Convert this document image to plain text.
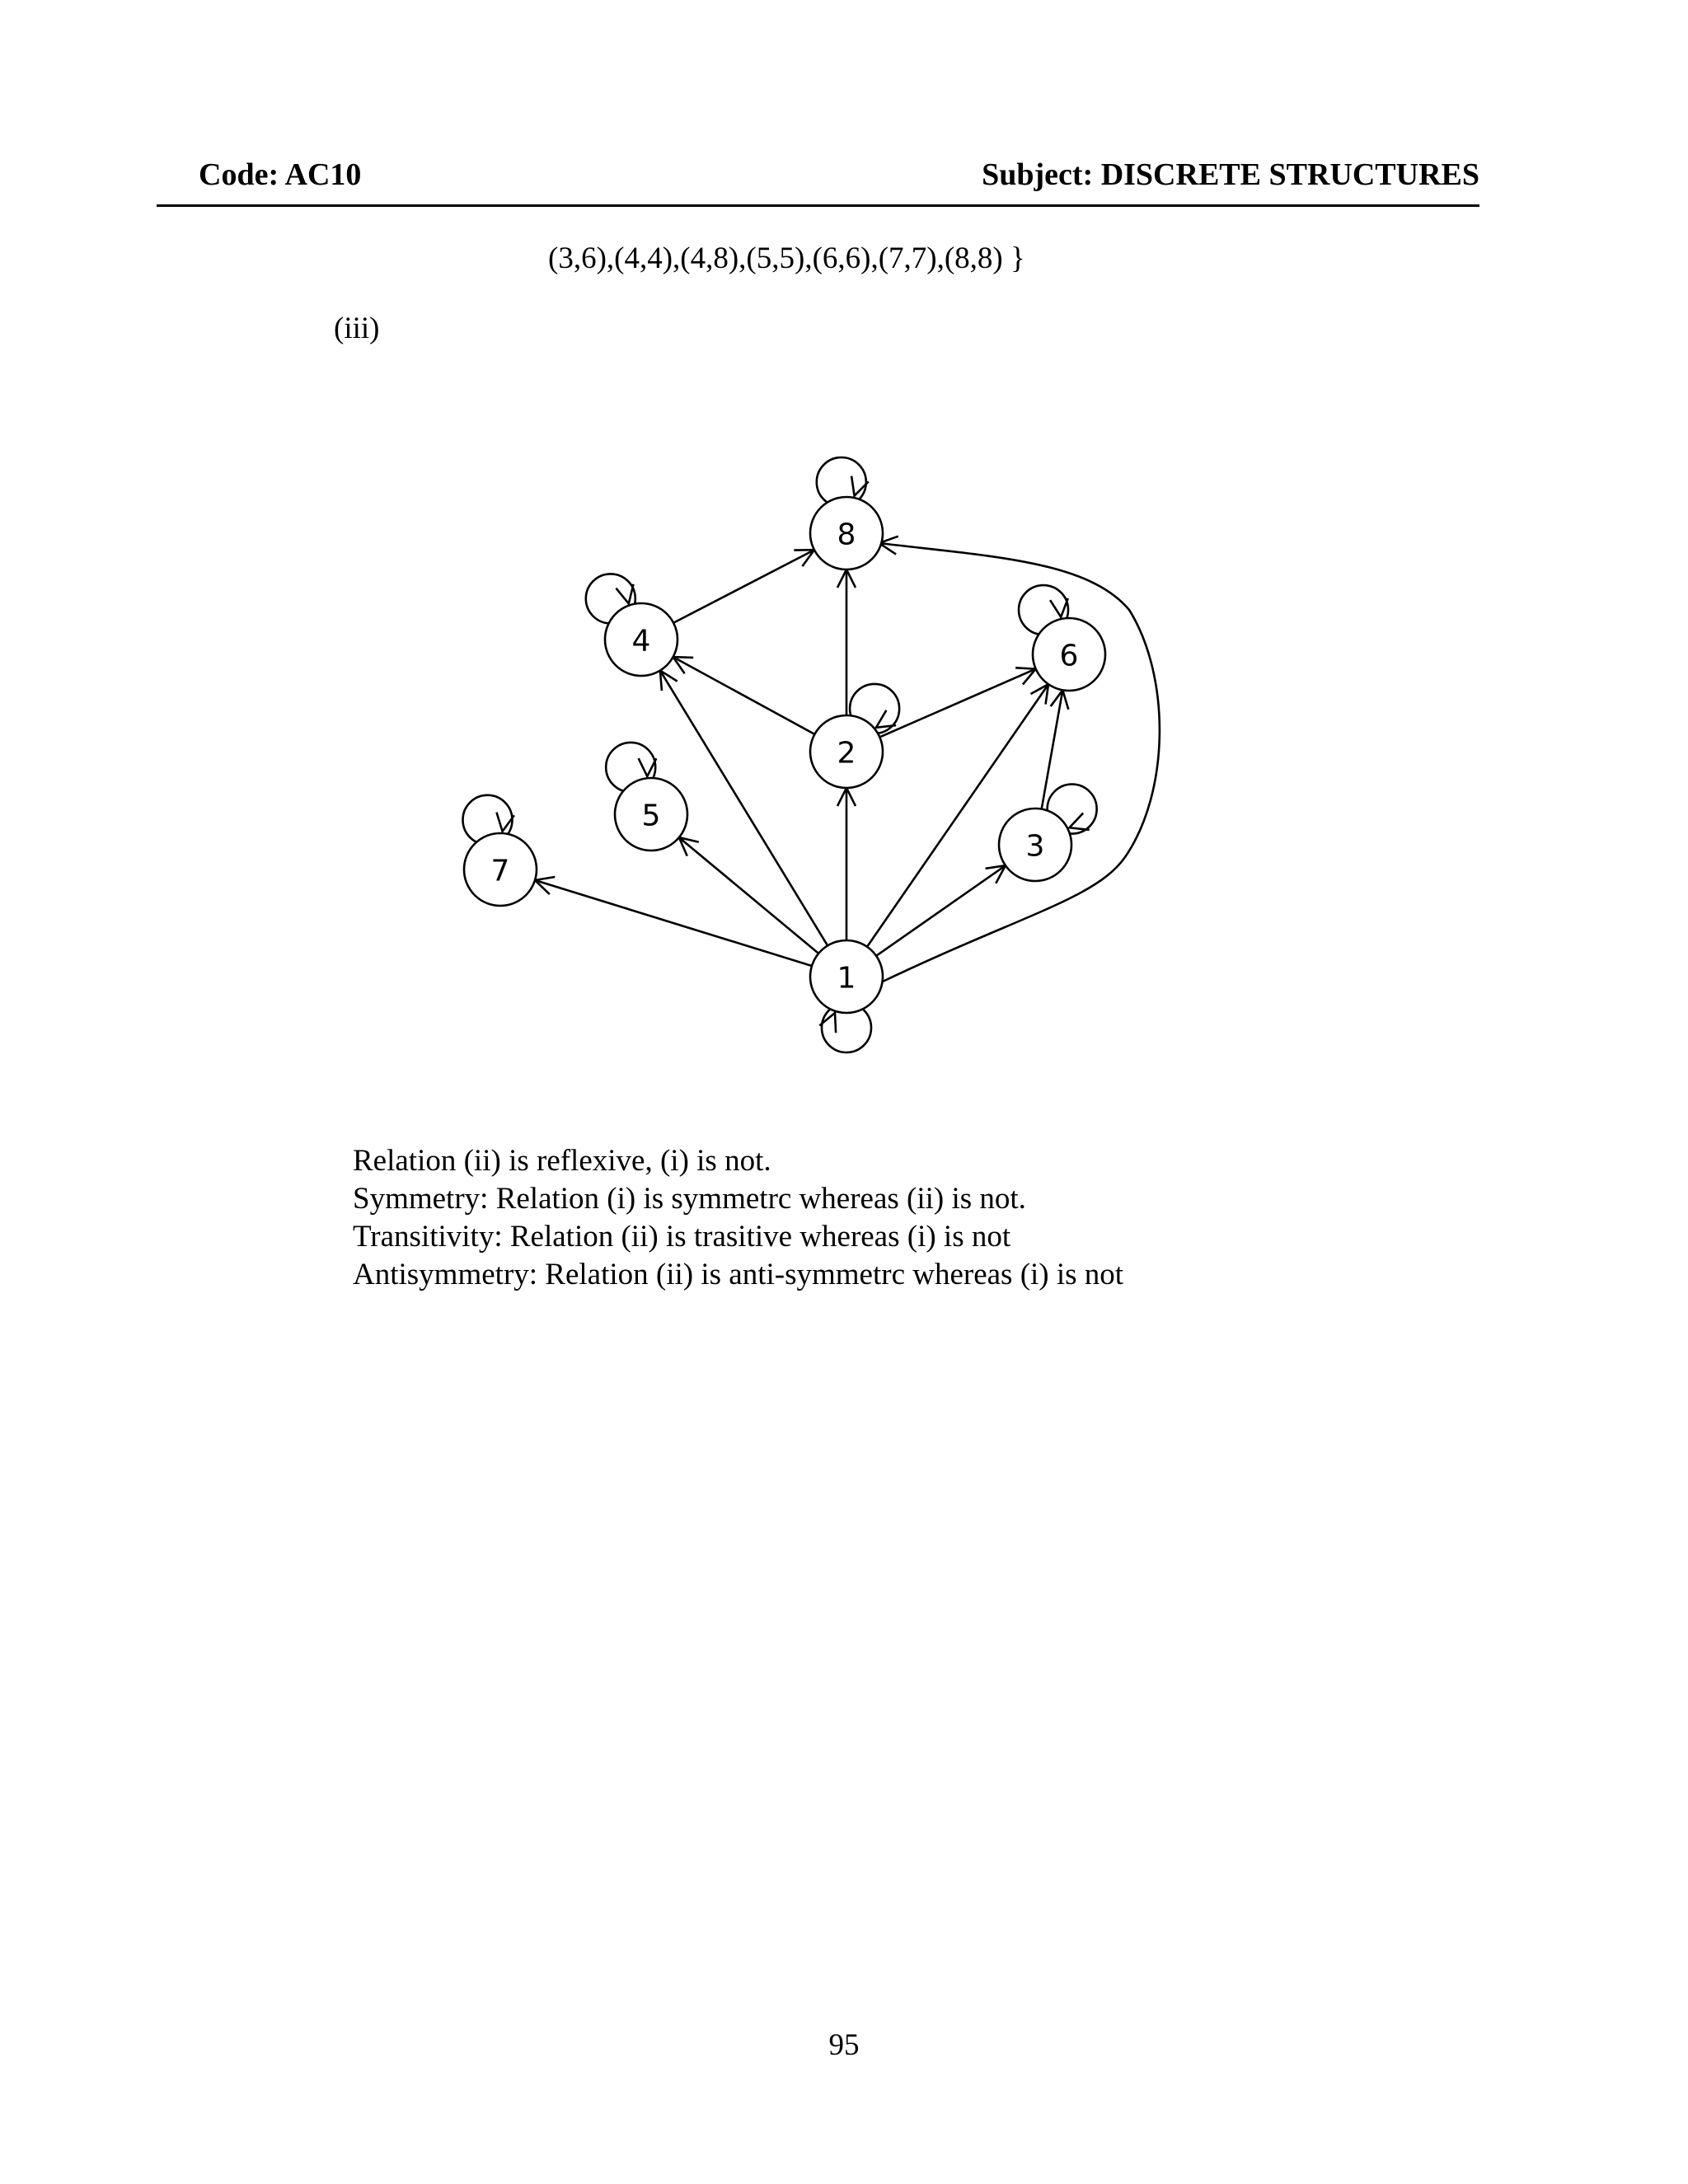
Code: AC10	Subject: DISCRETE STRUCTURES
(3,6),(4,4),(4,8),(5,5),(6,6),(7,7),(8,8) }
(iii)
1
2
3
4
5
6
7
8
Relation (ii) is reflexive, (i) is not.
Symmetry: Relation (i) is symmetrc whereas (ii) is not.
Transitivity: Relation (ii) is trasitive whereas (i) is not
Antisymmetry: Relation (ii) is anti-symmetrc whereas (i) is not
95
